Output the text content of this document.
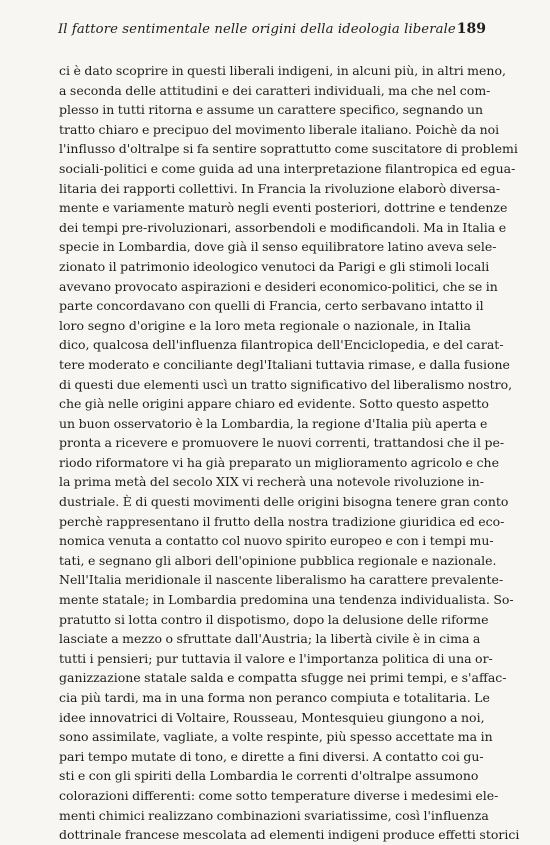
Il fattore sentimentale nelle origini della ideologia liberale 189
ci è dato scoprire in questi liberali indigeni, in alcuni più, in altri meno,
a seconda delle attitudini e dei caratteri individuali, ma che nel com-
plesso in tutti ritorna e assume un carattere specifico, segnando un
tratto chiaro e precipuo del movimento liberale italiano. Poichè da noi
l'influsso d'oltralpe si fa sentire soprattutto come suscitatore di problemi
sociali-politici e come guida ad una interpretazione filantropica ed egua-
litaria dei rapporti collettivi. In Francia la rivoluzione elaborò diversa-
mente e variamente maturò negli eventi posteriori, dottrine e tendenze
dei tempi pre-rivoluzionari, assorbendoli e modificandoli. Ma in Italia e
specie in Lombardia, dove già il senso equilibratore latino aveva sele-
zionato il patrimonio ideologico venutoci da Parigi e gli stimoli locali
avevano provocato aspirazioni e desideri economico-politici, che se in
parte concordavano con quelli di Francia, certo serbavano intatto il
loro segno d'origine e la loro meta regionale o nazionale, in Italia
dico, qualcosa dell'influenza filantropica dell'Enciclopedia, e del carat-
tere moderato e conciliante degl'Italiani tuttavia rimase, e dalla fusione
di questi due elementi uscì un tratto significativo del liberalismo nostro,
che già nelle origini appare chiaro ed evidente. Sotto questo aspetto
un buon osservatorio è la Lombardia, la regione d'Italia più aperta e
pronta a ricevere e promuovere le nuovi correnti, trattandosi che il pe-
riodo riformatore vi ha già preparato un miglioramento agricolo e che
la prima metà del secolo XIX vi recherà una notevole rivoluzione in-
dustriale. È di questi movimenti delle origini bisogna tenere gran conto
perchè rappresentano il frutto della nostra tradizione giuridica ed eco-
nomica venuta a contatto col nuovo spirito europeo e con i tempi mu-
tati, e segnano gli albori dell'opinione pubblica regionale e nazionale.
Nell'Italia meridionale il nascente liberalismo ha carattere prevalente-
mente statale; in Lombardia predomina una tendenza individualista. So-
pratutto si lotta contro il dispotismo, dopo la delusione delle riforme
lasciate a mezzo o sfruttate dall'Austria; la libertà civile è in cima a
tutti i pensieri; pur tuttavia il valore e l'importanza politica di una or-
ganizzazione statale salda e compatta sfugge nei primi tempi, e s'affac-
cia più tardi, ma in una forma non peranco compiuta e totalitaria. Le
idee innovatrici di Voltaire, Rousseau, Montesquieu giungono a noi,
sono assimilate, vagliate, a volte respinte, più spesso accettate ma in
pari tempo mutate di tono, e dirette a fini diversi. A contatto coi gu-
sti e con gli spiriti della Lombardia le correnti d'oltralpe assumono
colorazioni differenti: come sotto temperature diverse i medesimi ele-
menti chimici realizzano combinazioni svariatissime, così l'influenza
dottrinale francese mescolata ad elementi indigeni produce effetti storici
